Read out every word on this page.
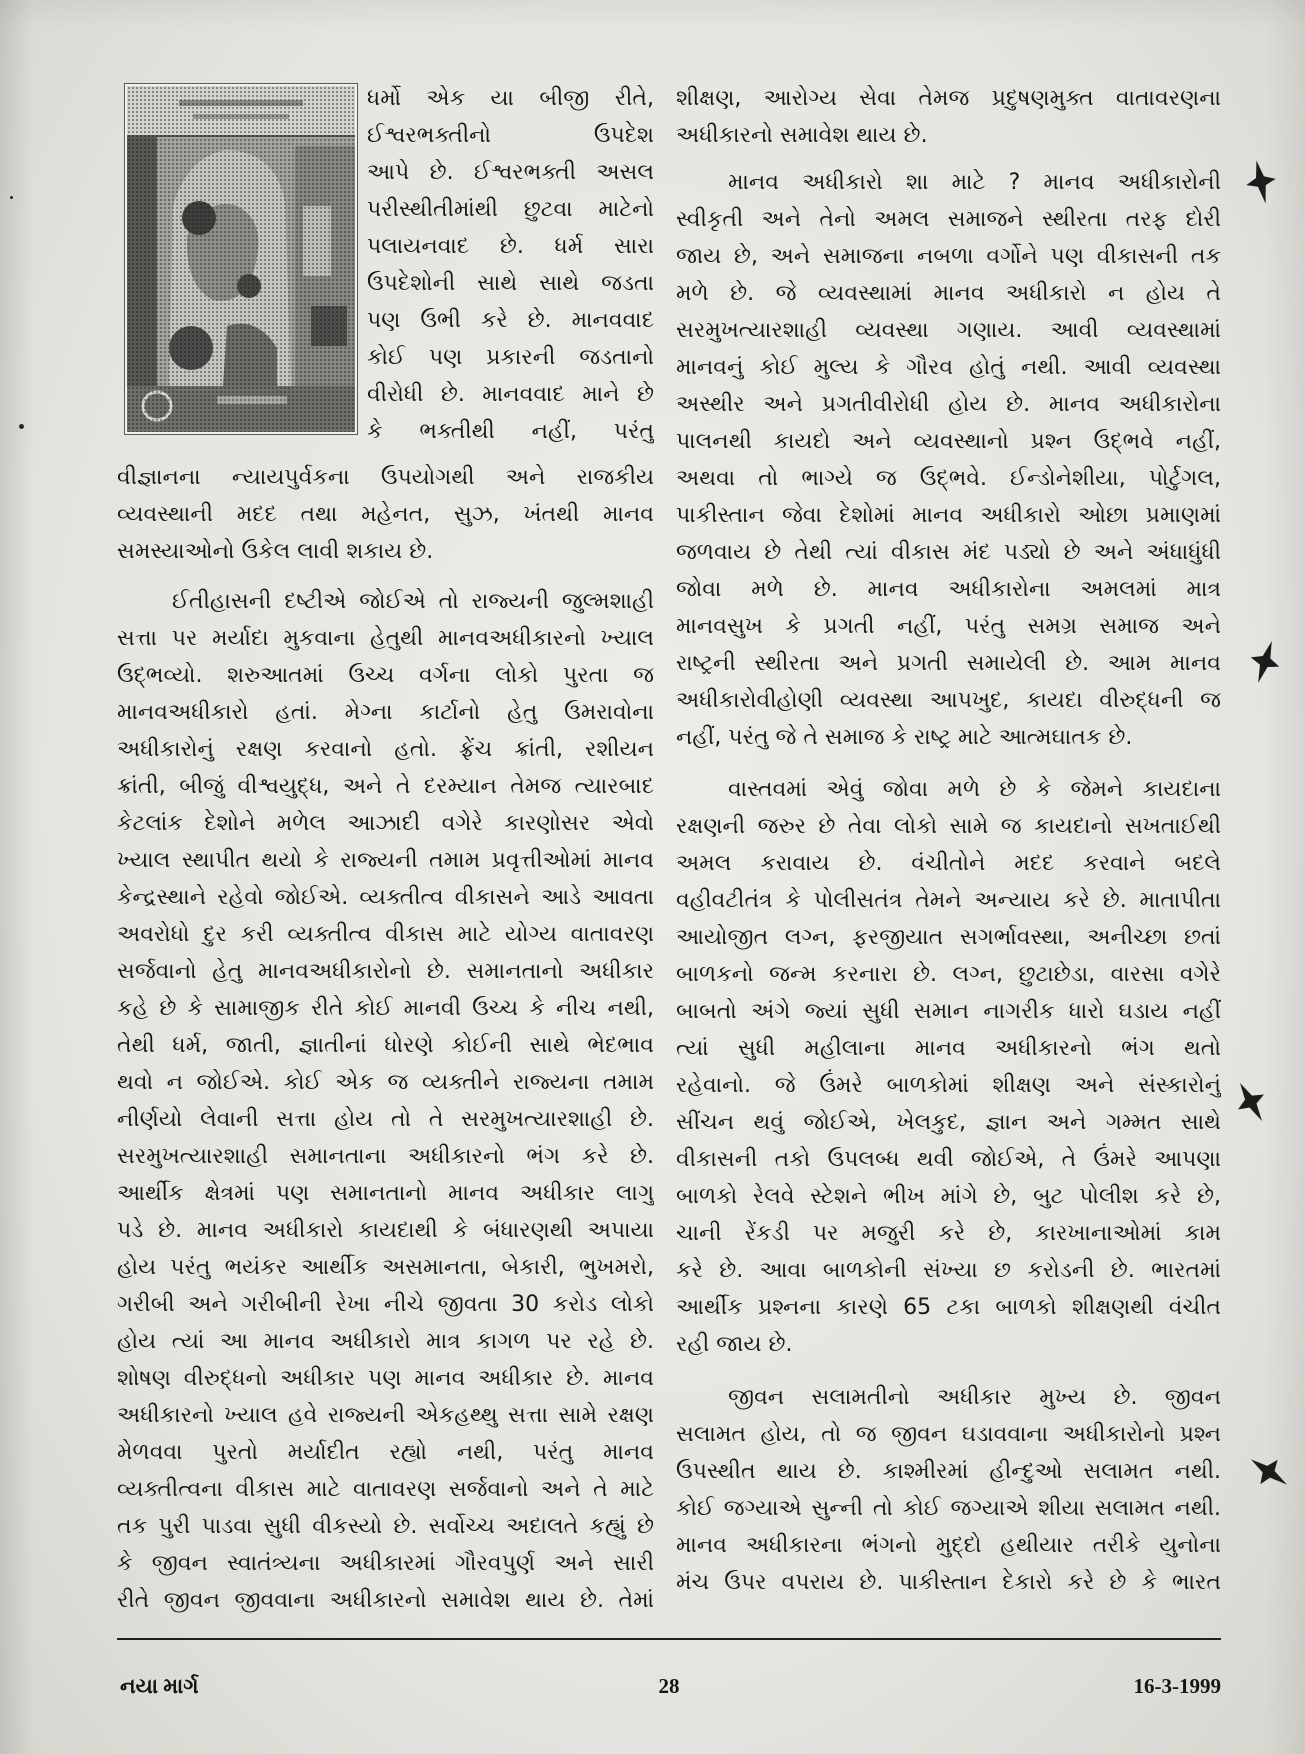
ધર્મો એક યા બીજી રીતે,
ઈશ્વરભક્તીનો ઉપદેશ
આપે છે. ઈશ્વરભક્તી અસલ
પરીસ્થીતીમાંથી છુટવા માટેનો
પલાયનવાદ છે. ધર્મ સારા
ઉપદેશોની સાથે સાથે જડતા
પણ ઉભી કરે છે. માનવવાદ
કોઈ પણ પ્રકારની જડતાનો
વીરોધી છે. માનવવાદ માને છે
કે ભક્તીથી નહીં, પરંતુ
વીજ્ઞાનના ન્યાયપુર્વકના ઉપયોગથી અને રાજકીય
વ્યવસ્થાની મદદ તથા મહેનત, સુઝ, ખંતથી માનવ
સમસ્યાઓનો ઉકેલ લાવી શકાય છે.
ઈતીહાસની દષ્ટીએ જોઈએ તો રાજ્યની જુલ્મશાહી
સત્તા પર મર્યાદા મુકવાના હેતુથી માનવઅધીકારનો ખ્યાલ
ઉદ્‌ભવ્યો. શરુઆતમાં ઉચ્ચ વર્ગના લોકો પુરતા જ
માનવઅધીકારો હતાં. મેગ્ના કાર્ટાનો હેતુ ઉમરાવોના
અધીકારોનું રક્ષણ કરવાનો હતો. ફ્રેંચ ક્રાંતી, રશીયન
ક્રાંતી, બીજું વીશ્વયુદ્ધ, અને તે દરમ્યાન તેમજ ત્યારબાદ
કેટલાંક દેશોને મળેલ આઝાદી વગેરે કારણોસર એવો
ખ્યાલ સ્થાપીત થયો કે રાજ્યની તમામ પ્રવૃત્તીઓમાં માનવ
કેન્દ્રસ્થાને રહેવો જોઈએ. વ્યક્તીત્વ વીકાસને આડે આવતા
અવરોધો દુર કરી વ્યક્તીત્વ વીકાસ માટે યોગ્ય વાતાવરણ
સર્જવાનો હેતુ માનવઅધીકારોનો છે. સમાનતાનો અધીકાર
કહે છે કે સામાજીક રીતે કોઈ માનવી ઉચ્ચ કે નીચ નથી,
તેથી ધર્મ, જાતી, જ્ઞાતીનાં ધોરણે કોઈની સાથે ભેદભાવ
થવો ન જોઈએ. કોઈ એક જ વ્યક્તીને રાજ્યના તમામ
નીર્ણયો લેવાની સત્તા હોય તો તે સરમુખત્યારશાહી છે.
સરમુખત્યારશાહી સમાનતાના અધીકારનો ભંગ કરે છે.
આર્થીક ક્ષેત્રમાં પણ સમાનતાનો માનવ અધીકાર લાગુ
પડે છે. માનવ અધીકારો કાયદાથી કે બંધારણથી અપાયા
હોય પરંતુ ભયંકર આર્થીક અસમાનતા, બેકારી, ભુખમરો,
ગરીબી અને ગરીબીની રેખા નીચે જીવતા 30 કરોડ લોકો
હોય ત્યાં આ માનવ અધીકારો માત્ર કાગળ પર રહે છે.
શોષણ વીરુદ્ધનો અધીકાર પણ માનવ અધીકાર છે. માનવ
અધીકારનો ખ્યાલ હવે રાજ્યની એકહથ્થુ સત્તા સામે રક્ષણ
મેળવવા પુરતો મર્યાદીત રહ્યો નથી, પરંતુ માનવ
વ્યક્તીત્વના વીકાસ માટે વાતાવરણ સર્જવાનો અને તે માટે
તક પુરી પાડવા સુધી વીકસ્યો છે. સર્વોચ્ચ અદાલતે કહ્યું છે
કે જીવન સ્વાતંત્ર્યના અધીકારમાં ગૌરવપુર્ણ અને સારી
રીતે જીવન જીવવાના અધીકારનો સમાવેશ થાય છે. તેમાં
શીક્ષણ, આરોગ્ય સેવા તેમજ પ્રદુષણમુક્ત વાતાવરણના
અધીકારનો સમાવેશ થાય છે.
માનવ અધીકારો શા માટે ? માનવ અધીકારોની
સ્વીકૃતી અને તેનો અમલ સમાજને સ્થીરતા તરફ દોરી
જાય છે, અને સમાજના નબળા વર્ગોને પણ વીકાસની તક
મળે છે. જે વ્યવસ્થામાં માનવ અધીકારો ન હોય તે
સરમુખત્યારશાહી વ્યવસ્થા ગણાય. આવી વ્યવસ્થામાં
માનવનું કોઈ મુલ્ય કે ગૌરવ હોતું નથી. આવી વ્યવસ્થા
અસ્થીર અને પ્રગતીવીરોધી હોય છે. માનવ અધીકારોના
પાલનથી કાયદો અને વ્યવસ્થાનો પ્રશ્ન ઉદ્‌ભવે નહીં,
અથવા તો ભાગ્યે જ ઉદ્‌ભવે. ઈન્ડોનેશીયા, પોર્ટુગલ,
પાકીસ્તાન જેવા દેશોમાં માનવ અધીકારો ઓછા પ્રમાણમાં
જળવાય છે તેથી ત્યાં વીકાસ મંદ પડ્યો છે અને અંધાધુંધી
જોવા મળે છે. માનવ અધીકારોના અમલમાં માત્ર
માનવસુખ કે પ્રગતી નહીં, પરંતુ સમગ્ર સમાજ અને
રાષ્ટ્રની સ્થીરતા અને પ્રગતી સમાયેલી છે. આમ માનવ
અધીકારોવીહોણી વ્યવસ્થા આપખુદ, કાયદા વીરુદ્ધની જ
નહીં, પરંતુ જે તે સમાજ કે રાષ્ટ્ર માટે આત્મઘાતક છે.
વાસ્તવમાં એવું જોવા મળે છે કે જેમને કાયદાના
રક્ષણની જરુર છે તેવા લોકો સામે જ કાયદાનો સખતાઈથી
અમલ કરાવાય છે. વંચીતોને મદદ કરવાને બદલે
વહીવટીતંત્ર કે પોલીસતંત્ર તેમને અન્યાય કરે છે. માતાપીતા
આયોજીત લગ્ન, ફરજીયાત સગર્ભાવસ્થા, અનીચ્છા છતાં
બાળકનો જન્મ કરનારા છે. લગ્ન, છુટાછેડા, વારસા વગેરે
બાબતો અંગે જ્યાં સુધી સમાન નાગરીક ધારો ઘડાય નહીં
ત્યાં સુધી મહીલાના માનવ અધીકારનો ભંગ થતો
રહેવાનો. જે ઉંમરે બાળકોમાં શીક્ષણ અને સંસ્કારોનું
સીંચન થવું જોઈએ, ખેલકુદ, જ્ઞાન અને ગમ્મત સાથે
વીકાસની તકો ઉપલબ્ધ થવી જોઈએ, તે ઉંમરે આપણા
બાળકો રેલવે સ્ટેશને ભીખ માંગે છે, બુટ પોલીશ કરે છે,
ચાની રેંકડી પર મજુરી કરે છે, કારખાનાઓમાં કામ
કરે છે. આવા બાળકોની સંખ્યા છ કરોડની છે. ભારતમાં
આર્થીક પ્રશ્નના કારણે 65 ટકા બાળકો શીક્ષણથી વંચીત
રહી જાય છે.
જીવન સલામતીનો અધીકાર મુખ્ય છે. જીવન
સલામત હોય, તો જ જીવન ઘડાવવાના અધીકારોનો પ્રશ્ન
ઉપસ્થીત થાય છે. કાશ્મીરમાં હીન્દુઓ સલામત નથી.
કોઈ જગ્યાએ સુન્ની તો કોઈ જગ્યાએ શીયા સલામત નથી.
માનવ અધીકારના ભંગનો મુદ્દો હથીયાર તરીકે યુનોના
મંચ ઉપર વપરાય છે. પાકીસ્તાન દેકારો કરે છે કે ભારત
નયા માર્ગ	28	16-3-1999
